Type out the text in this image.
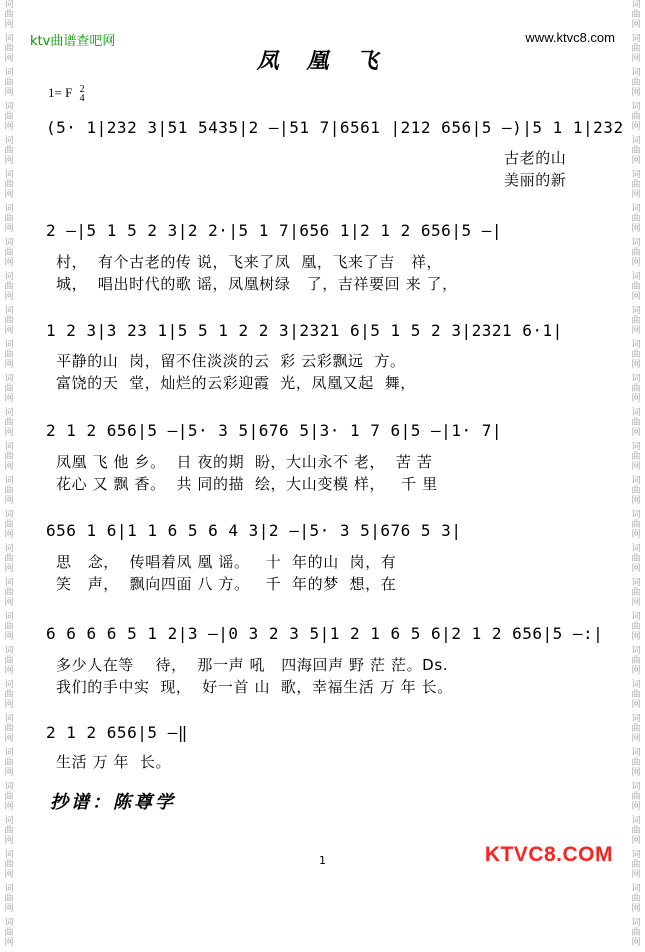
词
曲
网
词
曲
网
词
曲
网
词
曲
网
词
曲
网
词
曲
网
词
曲
网
词
曲
网
词
曲
网
词
曲
网
词
曲
网
词
曲
网
词
曲
网
词
曲
网
词
曲
网
词
曲
网
词
曲
网
词
曲
网
词
曲
网
词
曲
网
词
曲
网
词
曲
网
词
曲
网
词
曲
网
词
曲
网
词
曲
网
词
曲
网
词
曲
网
词
曲
网
词
曲
网
词
曲
网
词
曲
网
词
曲
网
词
曲
网
词
曲
网
词
曲
网
词
曲
网
词
曲
网
词
曲
网
词
曲
网
词
曲
网
词
曲
网
词
曲
网
词
曲
网
词
曲
网
词
曲
网
词
曲
网
词
曲
网
词
曲
网
词
曲
网
词
曲
网
词
曲
网
词
曲
网
词
曲
网
词
曲
网
词
曲
网
ktv曲谱查吧网	www.ktvc8.com
凤 凰 飞
1= F 2
4
(5· 1|232 3|51 5435|2 —|51 7|6561 |212 656|5 —)|5 1 1|232
古老的山
美丽的新
2 —|5 1 5 2 3|2 2·|5 1 7|656 1|2 1 2 656|5 —|
村，  有个古老的传 说，飞来了凤  凰，飞来了吉   祥，
城，  唱出时代的歌 谣，凤凰树绿   了，吉祥要回 来 了，
1 2 3|3 23 1|5 5 1 2 2 3|2321 6|5 1 5 2 3|2321 6·1|
平静的山  岗，留不住淡淡的云  彩 云彩飘远  方。
富饶的天  堂，灿烂的云彩迎霞  光，凤凰又起  舞，
2 1 2 656|5 —|5· 3 5|676 5|3· 1 7 6|5 —|1· 7|
凤凰 飞 他 乡。  日 夜的期  盼，大山永不 老，  苦 苦
花心 又 飘 香。  共 同的描  绘，大山变模 样，   千 里
656 1 6|1 1 6 5 6 4 3|2 —|5· 3 5|676 5 3|
思   念，  传唱着凤 凰 谣。   十  年的山  岗，有
笑   声，  飘向四面 八 方。   千  年的梦  想，在
6 6 6 6 5 1 2|3 —|0 3 2 3 5|1 2 1 6 5 6|2 1 2 656|5 —:|
多少人在等    待，  那一声 吼   四海回声 野 茫 茫。Ds.
我们的手中实  现，  好一首 山  歌，幸福生活 万 年 长。
2 1 2 656|5 —‖
生活 万 年  长。
抄谱：陈尊学
1	KTVC8.COM
